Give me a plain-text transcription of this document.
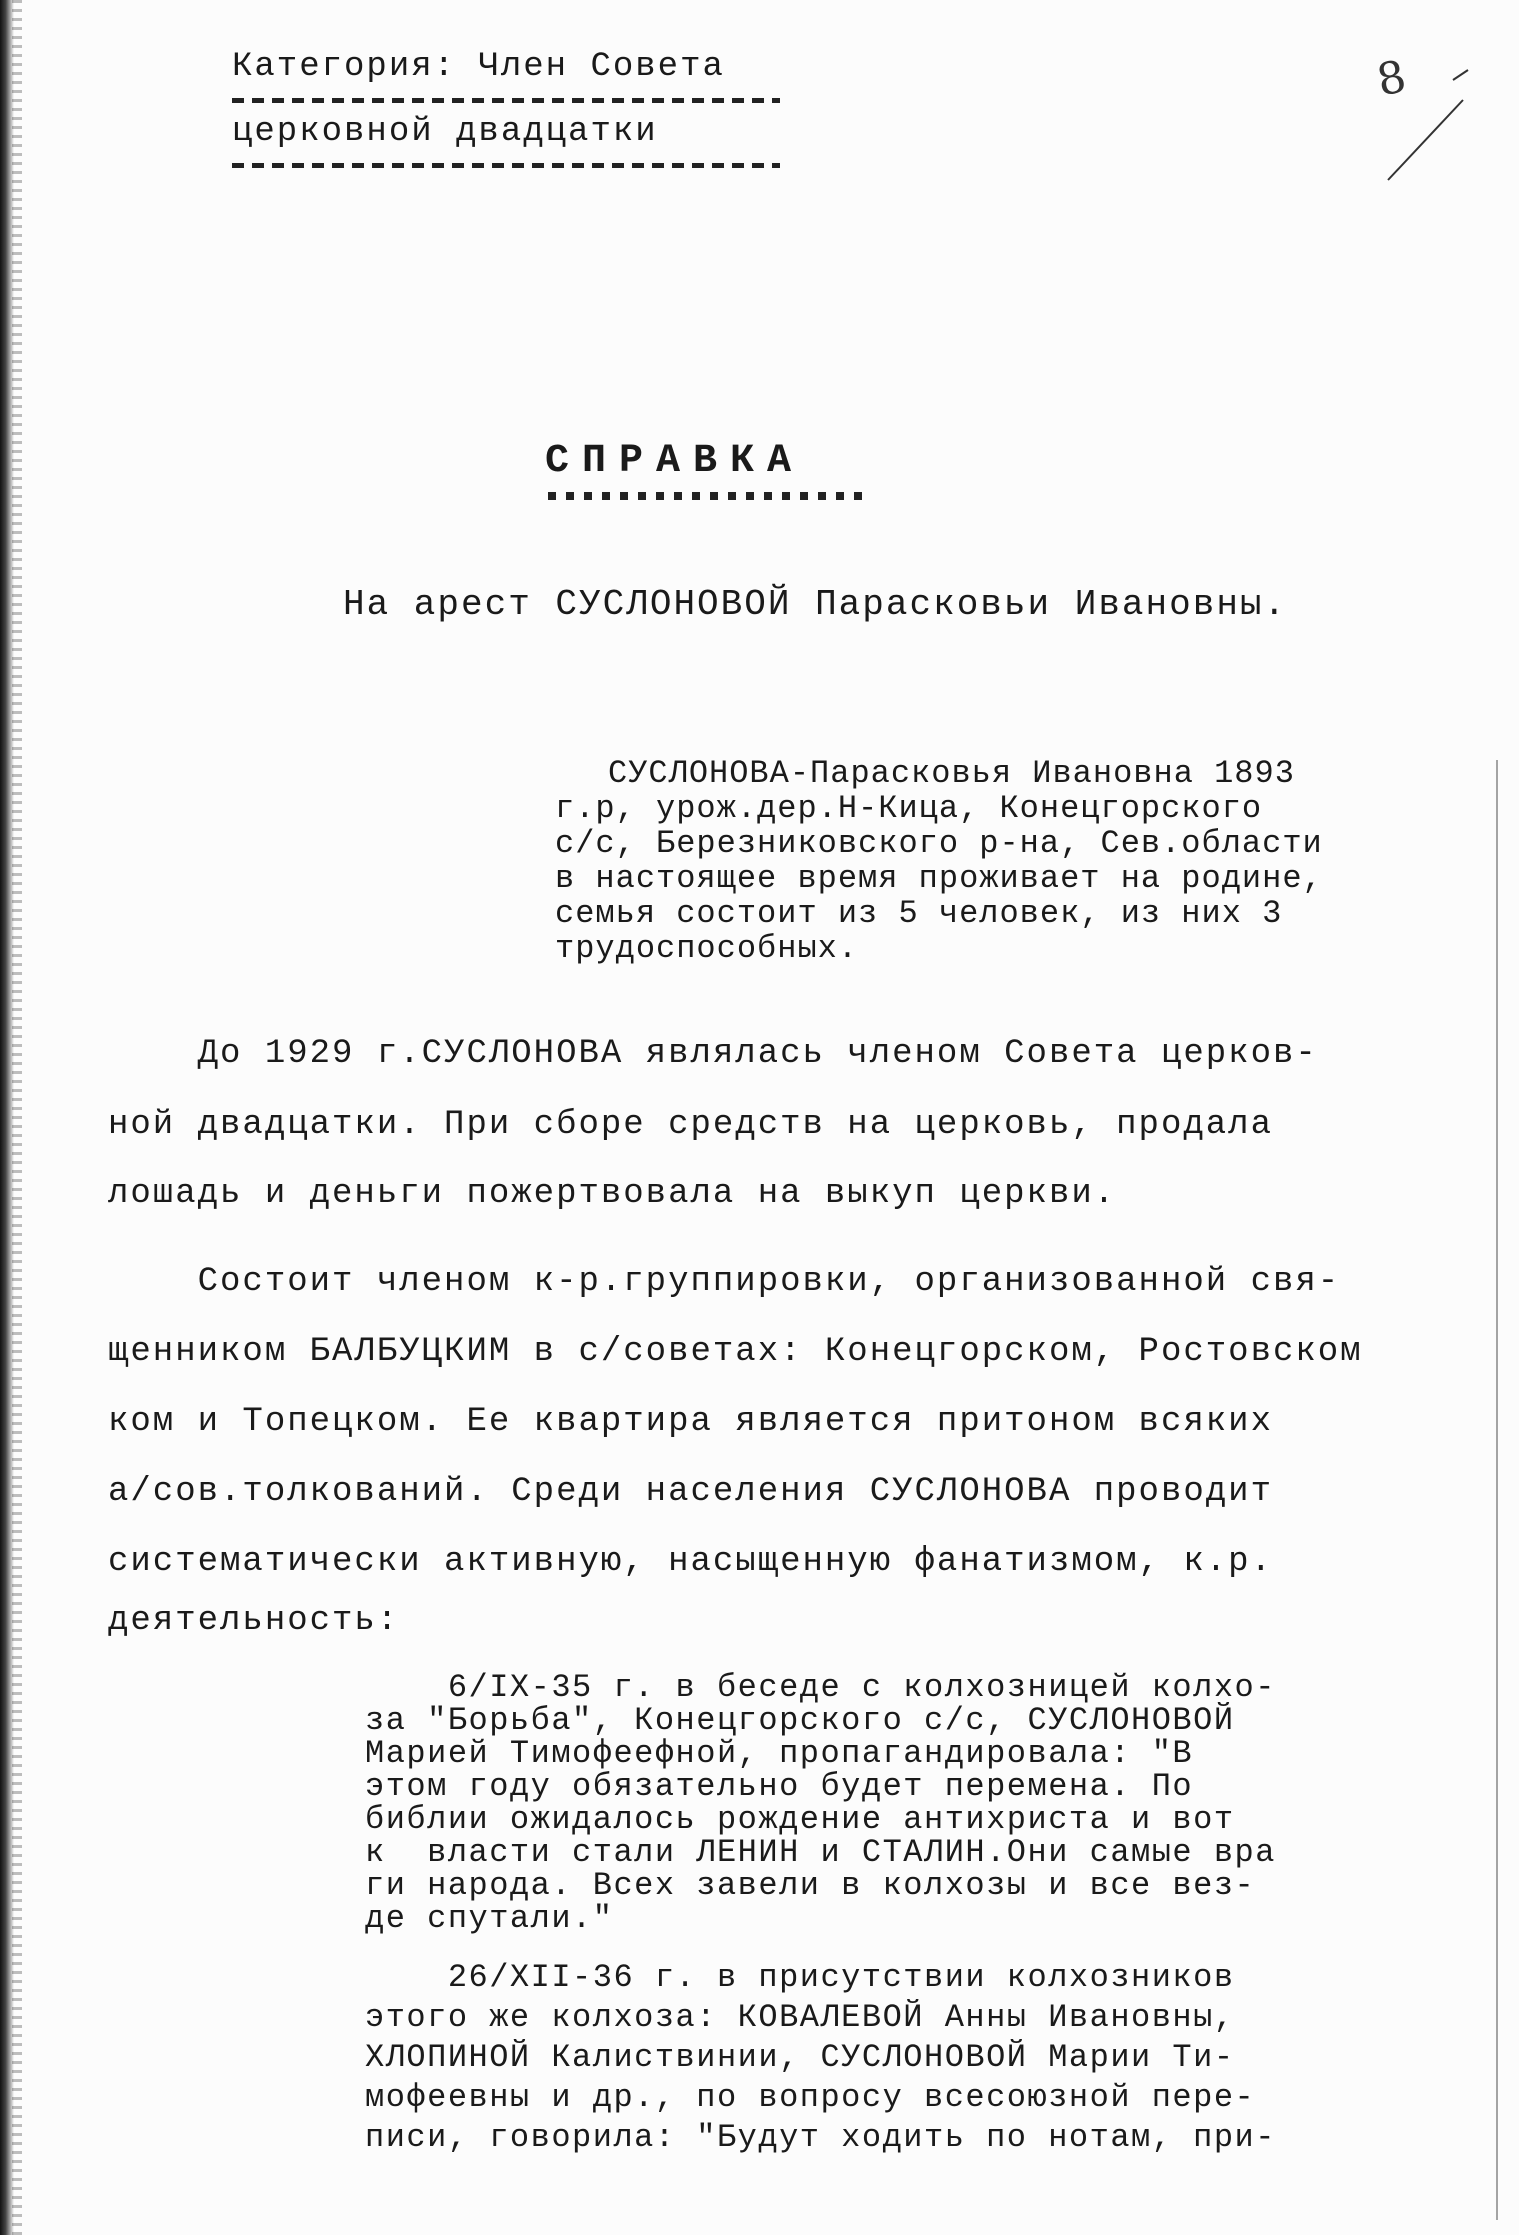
8
Категория: Член Совета
церковной двадцатки
СПРАВКА
На арест СУСЛОНОВОЙ Парасковьи Ивановны.
СУСЛОНОВА-Парасковья Ивановна 1893
г.р, урож.дер.Н-Кица, Конецгорского
с/с, Березниковского р-на, Сев.области
в настоящее время проживает на родине,
семья состоит из 5 человек, из них 3
трудоспособных.
До 1929 г.СУСЛОНОВА являлась членом Совета церков-
ной двадцатки. При сборе средств на церковь, продала
лошадь и деньги пожертвовала на выкуп церкви.
Состоит членом к-р.группировки, организованной свя-
щенником БАЛБУЦКИМ в с/советах: Конецгорском, Ростовском
ком и Топецком. Ее квартира является притоном всяких
а/сов.толкований. Среди населения СУСЛОНОВА проводит
систематически активную, насыщенную фанатизмом, к.р.
деятельность:
6/IX-35 г. в беседе с колхозницей колхо-
за "Борьба", Конецгорского с/с, СУСЛОНОВОЙ
Марией Тимофеефной, пропагандировала: "В
этом году обязательно будет перемена. По
библии ожидалось рождение антихриста и вот
к  власти стали ЛЕНИН и СТАЛИН.Они самые вра
ги народа. Всех завели в колхозы и все вез-
де спутали."
26/XII-36 г. в присутствии колхозников
этого же колхоза: КОВАЛЕВОЙ Анны Ивановны,
ХЛОПИНОЙ Калиствинии, СУСЛОНОВОЙ Марии Ти-
мофеевны и др., по вопросу всесоюзной пере-
писи, говорила: "Будут ходить по нотам, при-
